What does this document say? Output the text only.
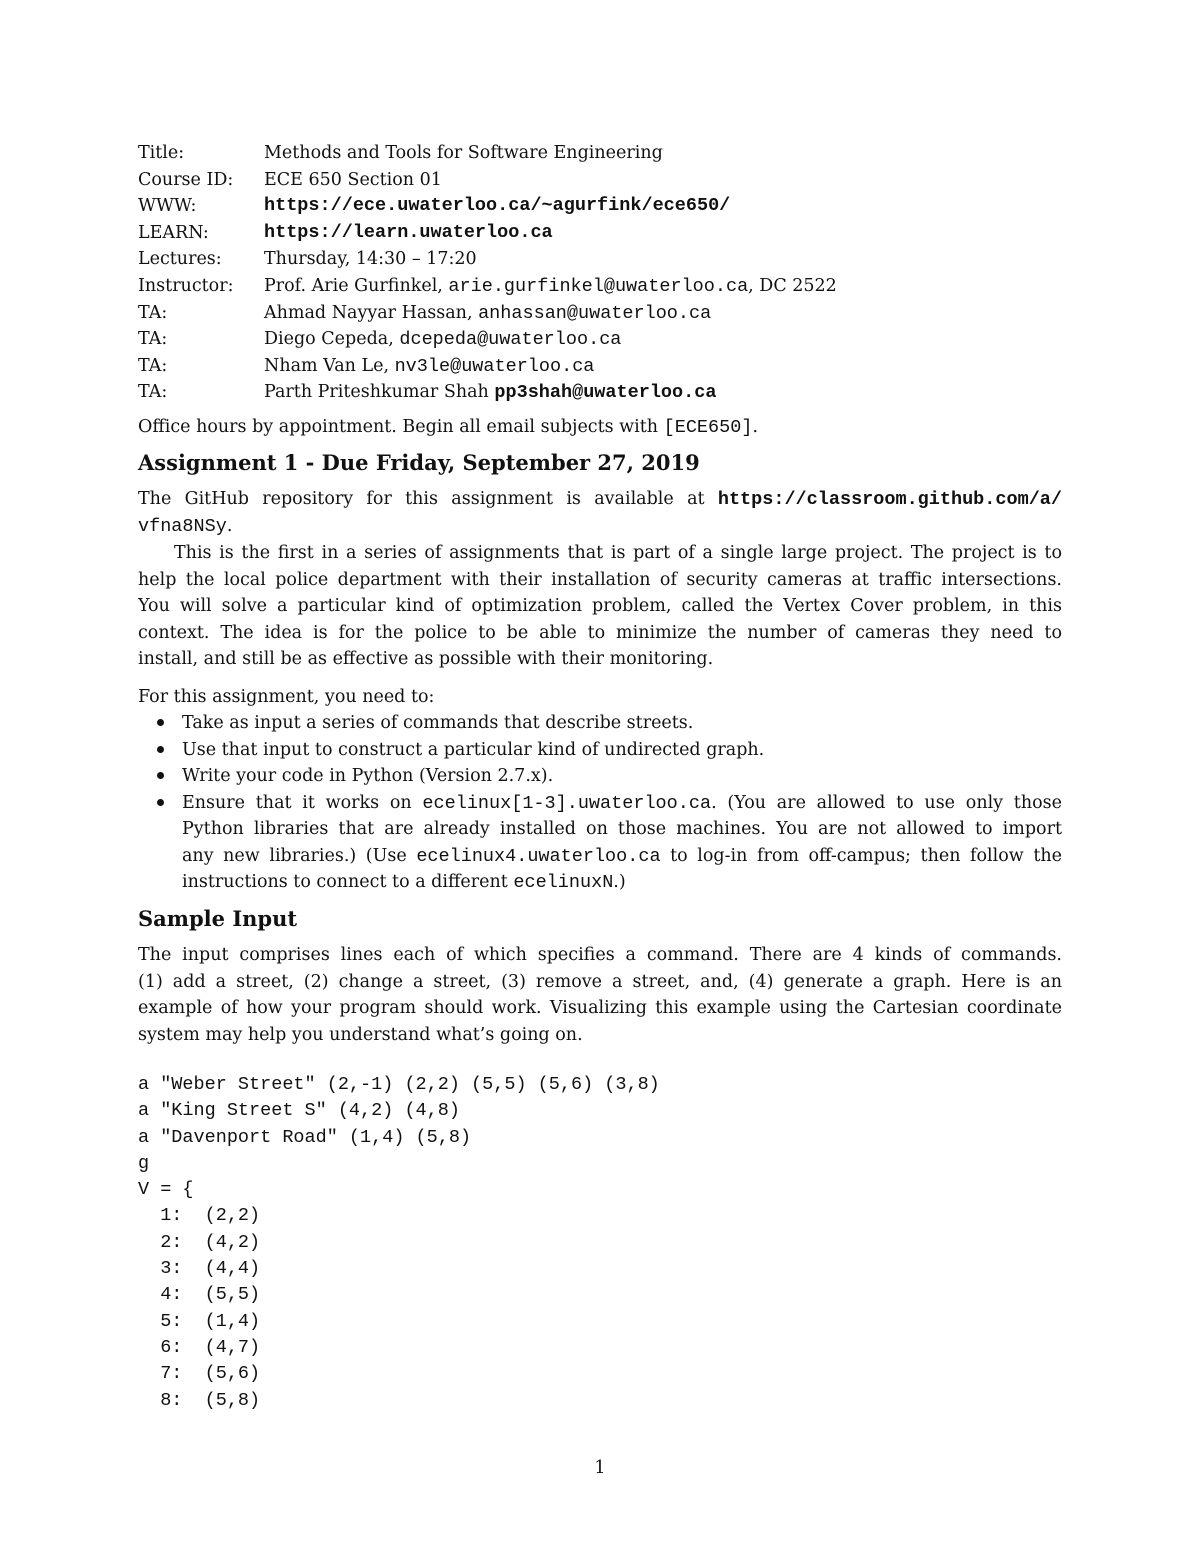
Title:	Methods and Tools for Software Engineering
Course ID:	ECE 650 Section 01
WWW:	https://ece.uwaterloo.ca/~agurfink/ece650/
LEARN:	https://learn.uwaterloo.ca
Lectures:	Thursday, 14:30 – 17:20
Instructor:	Prof. Arie Gurfinkel, arie.gurfinkel@uwaterloo.ca, DC 2522
TA:	Ahmad Nayyar Hassan, anhassan@uwaterloo.ca
TA:	Diego Cepeda, dcepeda@uwaterloo.ca
TA:	Nham Van Le, nv3le@uwaterloo.ca
TA:	Parth Priteshkumar Shah pp3shah@uwaterloo.ca
Office hours by appointment. Begin all email subjects with [ECE650].
Assignment 1 - Due Friday, September 27, 2019
The GitHub repository for this assignment is available at https://classroom.github.com/a/
vfna8NSy.
This is the first in a series of assignments that is part of a single large project. The project is to
help the local police department with their installation of security cameras at traffic intersections.
You will solve a particular kind of optimization problem, called the Vertex Cover problem, in this
context. The idea is for the police to be able to minimize the number of cameras they need to
install, and still be as effective as possible with their monitoring.
For this assignment, you need to:
Take as input a series of commands that describe streets.
Use that input to construct a particular kind of undirected graph.
Write your code in Python (Version 2.7.x).
Ensure that it works on ecelinux[1-3].uwaterloo.ca. (You are allowed to use only those
Python libraries that are already installed on those machines. You are not allowed to import
any new libraries.) (Use ecelinux4.uwaterloo.ca to log-in from off-campus; then follow the
instructions to connect to a different ecelinuxN.)
Sample Input
The input comprises lines each of which specifies a command. There are 4 kinds of commands.
(1) add a street, (2) change a street, (3) remove a street, and, (4) generate a graph. Here is an
example of how your program should work. Visualizing this example using the Cartesian coordinate
system may help you understand what’s going on.
a "Weber Street" (2,-1) (2,2) (5,5) (5,6) (3,8)
a "King Street S" (4,2) (4,8)
a "Davenport Road" (1,4) (5,8)
g
V = {
1:  (2,2)
2:  (4,2)
3:  (4,4)
4:  (5,5)
5:  (1,4)
6:  (4,7)
7:  (5,6)
8:  (5,8)
1
